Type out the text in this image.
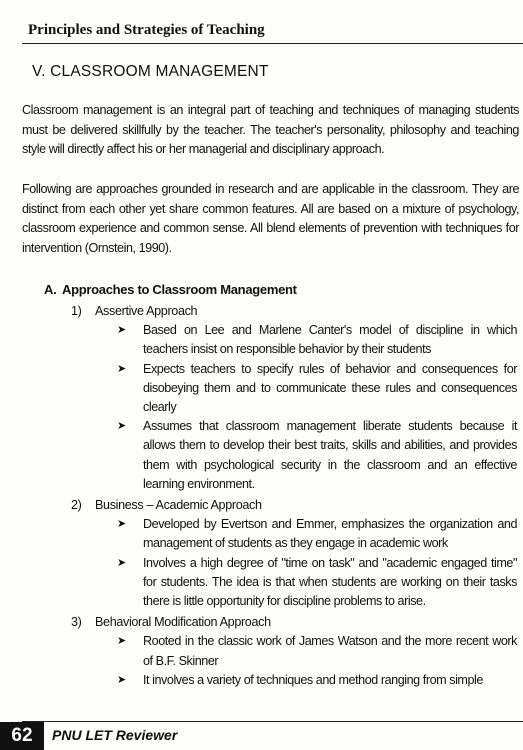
Principles and Strategies of Teaching
V. CLASSROOM MANAGEMENT

Classroom management is an integral part of teaching and techniques of managing students must be delivered skillfully by the teacher. The teacher's personality, philosophy and teaching style will directly affect his or her managerial and disciplinary approach.

Following are approaches grounded in research and are applicable in the classroom. They are distinct from each other yet share common features. All are based on a mixture of psychology, classroom experience and common sense. All blend elements of prevention with techniques for intervention (Ornstein, 1990).

A. Approaches to Classroom Management
1) Assertive Approach
➤ Based on Lee and Marlene Canter's model of discipline in which teachers insist on responsible behavior by their students
➤ Expects teachers to specify rules of behavior and consequences for disobeying them and to communicate these rules and consequences clearly
➤ Assumes that classroom management liberate students because it allows them to develop their best traits, skills and abilities, and provides them with psychological security in the classroom and an effective learning environment.
2) Business – Academic Approach
➤ Developed by Evertson and Emmer, emphasizes the organization and management of students as they engage in academic work
➤ Involves a high degree of "time on task" and "academic engaged time" for students. The idea is that when students are working on their tasks there is little opportunity for discipline problems to arise.
3) Behavioral Modification Approach
➤ Rooted in the classic work of James Watson and the more recent work of B.F. Skinner
➤ It involves a variety of techniques and method ranging from simple
62	PNU LET Reviewer
